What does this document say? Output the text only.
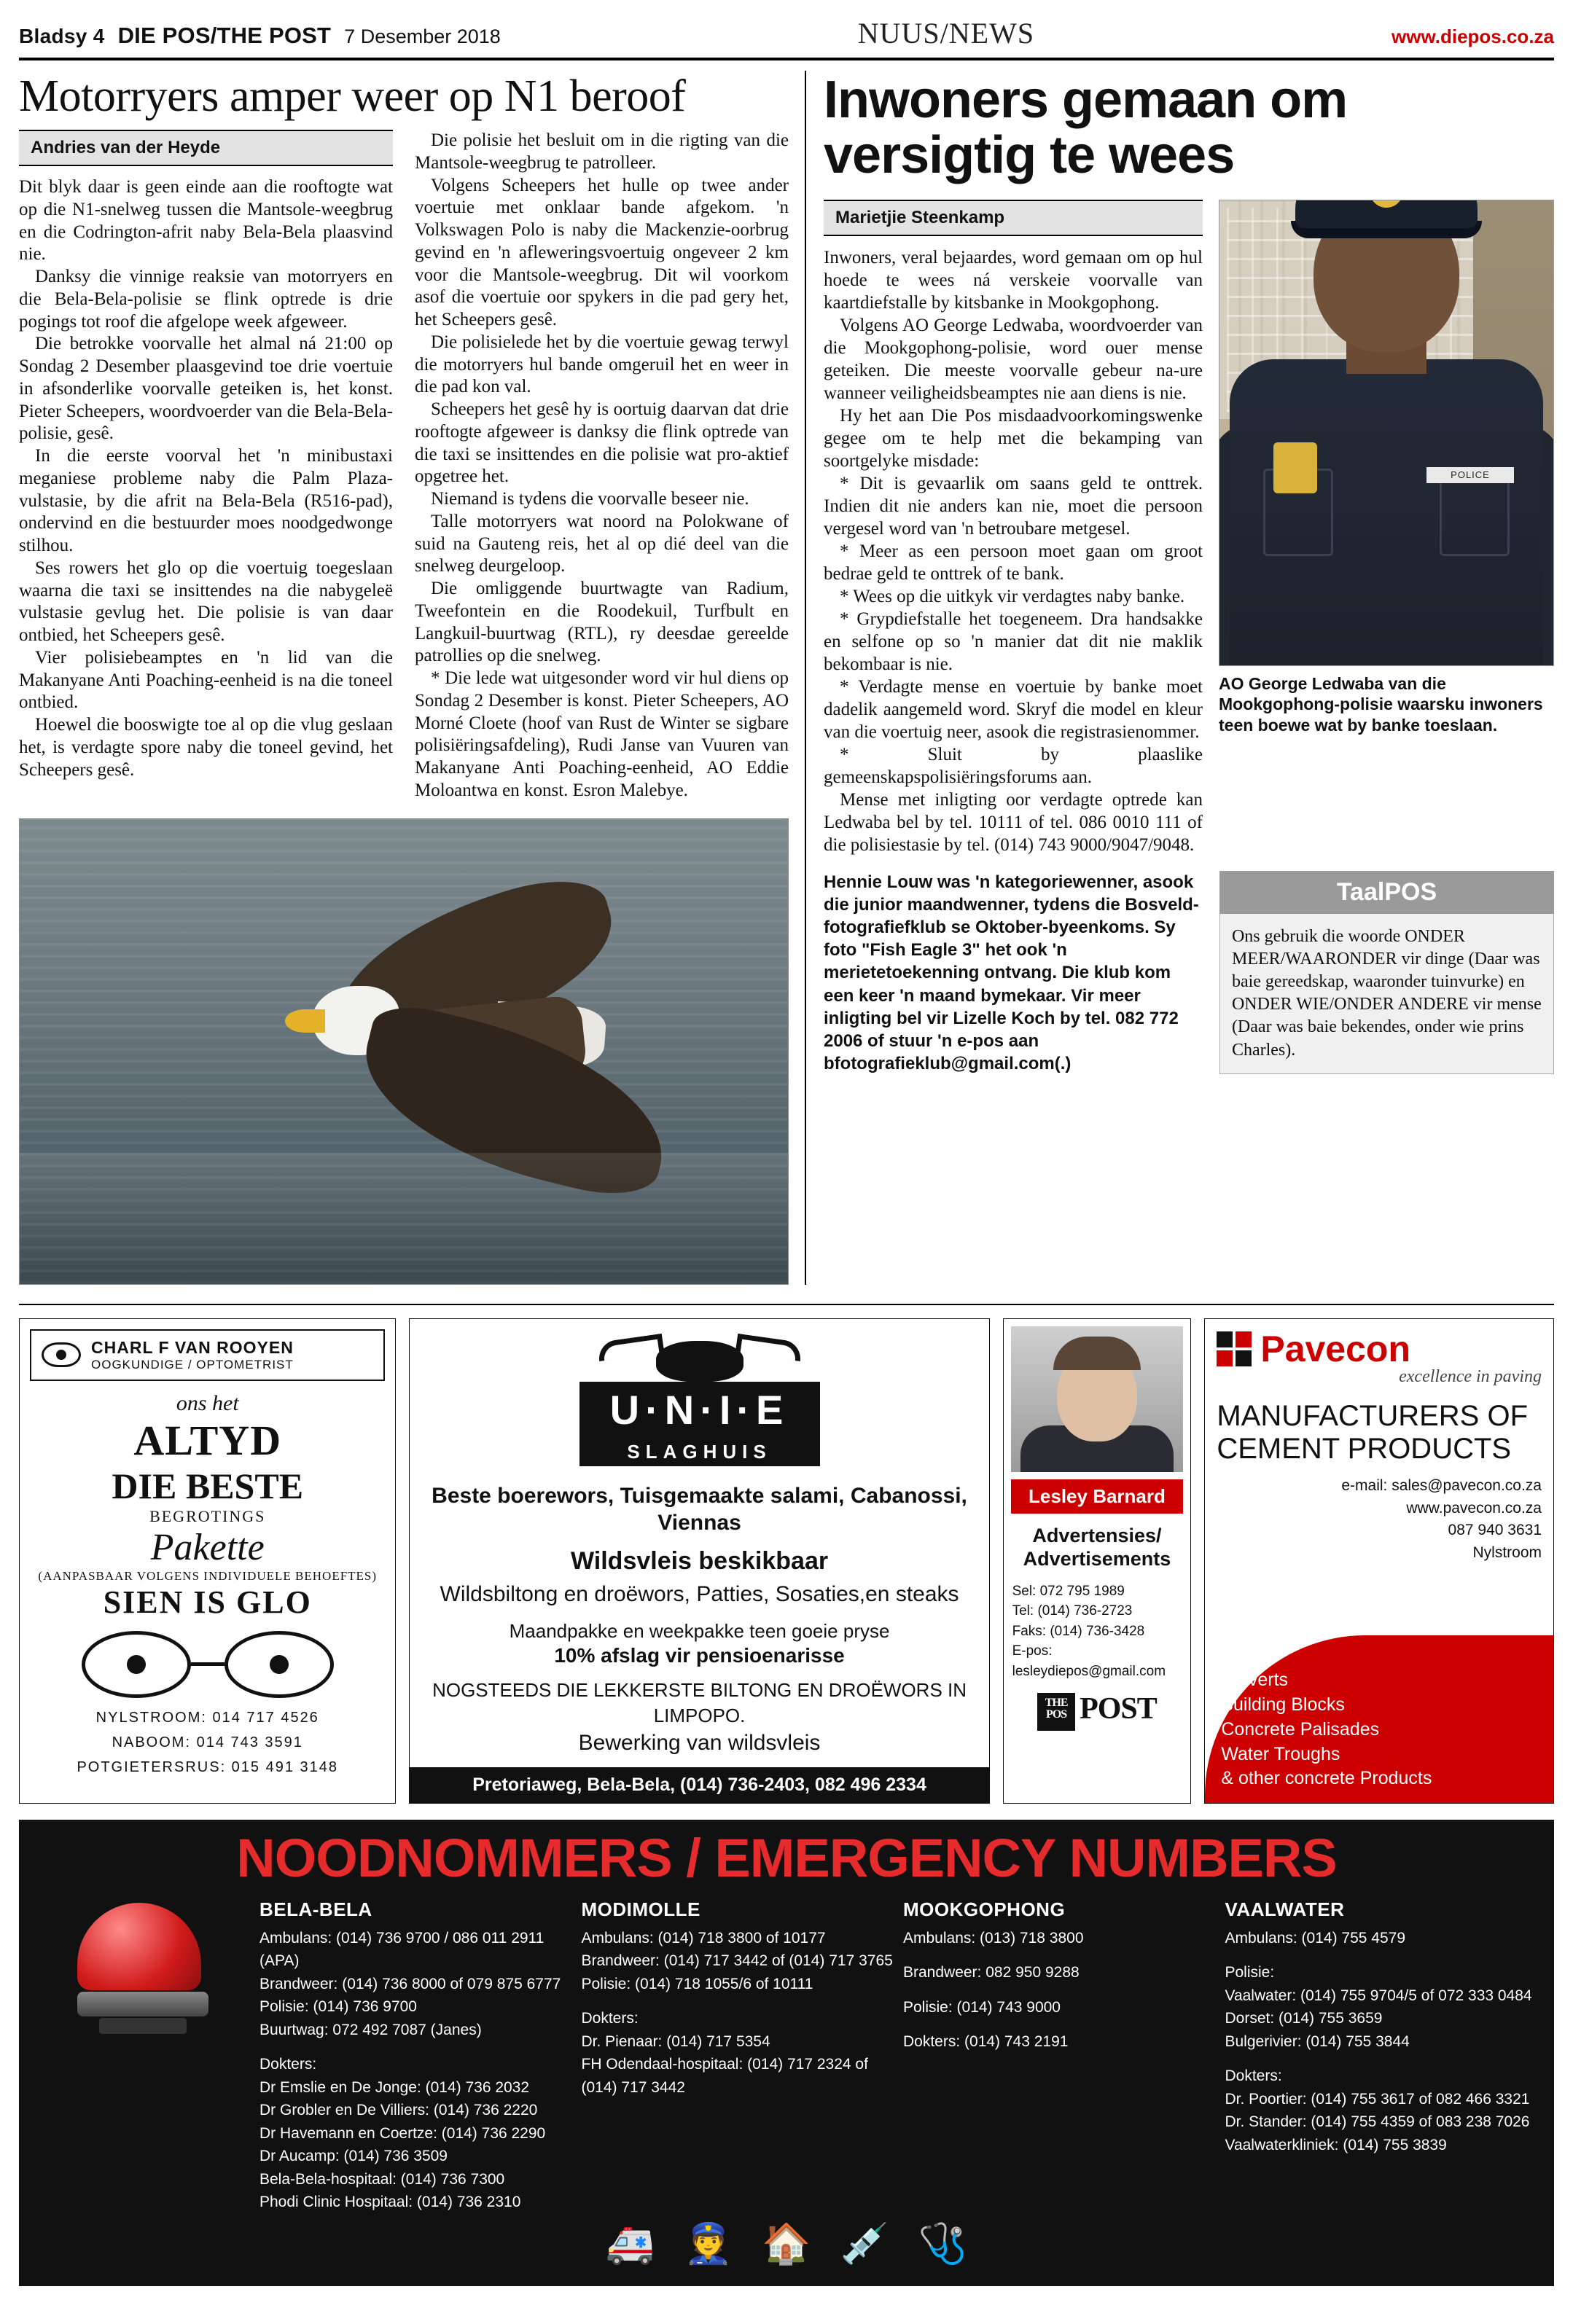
Bladsy 4 DIE POS/THE POST 7 Desember 2018	NUUS/NEWS	www.diepos.co.za
Motorryers amper weer op N1 beroof
Andries van der Heyde

Dit blyk daar is geen einde aan die rooftogte wat op die N1-snelweg tussen die Mantsole-weegbrug en die Codrington-afrit naby Bela-Bela plaasvind nie.

Danksy die vinnige reaksie van motorryers en die Bela-Bela-polisie se flink optrede is drie pogings tot roof die afgelope week afgeweer.

Die betrokke voorvalle het almal ná 21:00 op Sondag 2 Desember plaasgevind toe drie voertuie in afsonderlike voorvalle geteiken is, het konst. Pieter Scheepers, woordvoerder van die Bela-Bela-polisie, gesê.

In die eerste voorval het 'n minibustaxi meganiese probleme naby die Palm Plaza-vulstasie, by die afrit na Bela-Bela (R516-pad), ondervind en die bestuurder moes noodgedwonge stilhou.

Ses rowers het glo op die voertuig toegeslaan waarna die taxi se insittendes na die nabygeleë vulstasie gevlug het. Die polisie is van daar ontbied, het Scheepers gesê.

Vier polisiebeamptes en 'n lid van die Makanyane Anti Poaching-eenheid is na die toneel ontbied.

Hoewel die booswigte toe al op die vlug geslaan het, is verdagte spore naby die toneel gevind, het Scheepers gesê.

Die polisie het besluit om in die rigting van die Mantsole-weegbrug te patrolleer.

Volgens Scheepers het hulle op twee ander voertuie met onklaar bande afgekom. 'n Volkswagen Polo is naby die Mackenzie-oorbrug gevind en 'n afleweringsvoertuig ongeveer 2 km voor die Mantsole-weegbrug. Dit wil voorkom asof die voertuie oor spykers in die pad gery het, het Scheepers gesê.

Die polisielede het by die voertuie gewag terwyl die motorryers hul bande omgeruil het en weer in die pad kon val.

Scheepers het gesê hy is oortuig daarvan dat drie rooftogte afgeweer is danksy die flink optrede van die taxi se insittendes en die polisie wat pro-aktief opgetree het.

Niemand is tydens die voorvalle beseer nie.

Talle motorryers wat noord na Polokwane of suid na Gauteng reis, het al op dié deel van die snelweg deurgeloop.

Die omliggende buurtwagte van Radium, Tweefontein en die Roodekuil, Turfbult en Langkuil-buurtwag (RTL), ry deesdae gereelde patrollies op die snelweg.

* Die lede wat uitgesonder word vir hul diens op Sondag 2 Desember is konst. Pieter Scheepers, AO Morné Cloete (hoof van Rust de Winter se sigbare polisiëringsafdeling), Rudi Janse van Vuuren van Makanyane Anti Poaching-eenheid, AO Eddie Moloantwa en konst. Esron Malebye.

Inwoners gemaan om versigtig te wees
Marietjie Steenkamp

Inwoners, veral bejaardes, word gemaan om op hul hoede te wees ná verskeie voorvalle van kaartdiefstalle by kitsbanke in Mookgophong.

Volgens AO George Ledwaba, woordvoerder van die Mookgophong-polisie, word ouer mense geteiken. Die meeste voorvalle gebeur na-ure wanneer veiligheidsbeamptes nie aan diens is nie.

Hy het aan Die Pos misdaadvoorkomingswenke gegee om te help met die bekamping van soortgelyke misdade:

* Dit is gevaarlik om saans geld te onttrek. Indien dit nie anders kan nie, moet die persoon vergesel word van 'n betroubare metgesel.

* Meer as een persoon moet gaan om groot bedrae geld te onttrek of te bank.

* Wees op die uitkyk vir verdagtes naby banke.

* Grypdiefstalle het toegeneem. Dra handsakke en selfone op so 'n manier dat dit nie maklik bekombaar is nie.

* Verdagte mense en voertuie by banke moet dadelik aangemeld word. Skryf die model en kleur van die voertuig neer, asook die registrasienommer.

* Sluit by plaaslike gemeenskapspolisiëringsforums aan.

Mense met inligting oor verdagte optrede kan Ledwaba bel by tel. 10111 of tel. 086 0010 111 of die polisiestasie by tel. (014) 743 9000/9047/9048.

POLICE
AO George Ledwaba van die Mookgophong-polisie waarsku inwoners teen boewe wat by banke toeslaan.
Hennie Louw was 'n kategoriewenner, asook die junior maandwenner, tydens die Bosveld-fotografiefklub se Oktober-byeenkoms. Sy foto "Fish Eagle 3" het ook 'n merietetoekenning ontvang. Die klub kom een keer 'n maand bymekaar. Vir meer inligting bel vir Lizelle Koch by tel. 082 772 2006 of stuur 'n e-pos aan bfotografieklub@gmail.com(.)
TaalPOS
Ons gebruik die woorde ONDER MEER/WAARONDER vir dinge (Daar was baie gereedskap, waaronder tuinvurke) en ONDER WIE/ONDER ANDERE vir mense (Daar was baie bekendes, onder wie prins Charles).
CHARL F VAN ROOYEN
OOGKUNDIGE / OPTOMETRIST
ons het
ALTYD
DIE BESTE
BEGROTINGS
Pakette
(AANPASBAAR VOLGENS INDIVIDUELE BEHOEFTES)
SIEN IS GLO
NYLSTROOM: 014 717 4526
NABOOM: 014 743 3591
POTGIETERSRUS: 015 491 3148
U·N·I·E
SLAGHUIS
Beste boerewors, Tuisgemaakte salami, Cabanossi, Viennas
Wildsvleis beskikbaar
Wildsbiltong en droëwors, Patties, Sosaties,en steaks
Maandpakke en weekpakke teen goeie pryse
10% afslag vir pensioenarisse
NOGSTEEDS DIE LEKKERSTE BILTONG EN DROËWORS IN LIMPOPO.
Bewerking van wildsvleis
Pretoriaweg, Bela-Bela, (014) 736-2403, 082 496 2334
Lesley Barnard
Advertensies/ Advertisements
Sel: 072 795 1989
Tel: (014) 736-2723
Faks: (014) 736-3428
E-pos:
lesleydiepos@gmail.com
THE POS POST
Pavecon
excellence in paving
MANUFACTURERS OF CEMENT PRODUCTS
e-mail: sales@pavecon.co.za
www.pavecon.co.za
087 940 3631
Nylstroom
Paving
Bricks
Kerbs
Culverts
Building Blocks
Concrete Palisades
Water Troughs
& other concrete Products
NOODNOMMERS / EMERGENCY NUMBERS
BELA-BELA
Ambulans: (014) 736 9700 / 086 011 2911 (APA)
Brandweer: (014) 736 8000 of 079 875 6777
Polisie: (014) 736 9700
Buurtwag: 072 492 7087 (Janes)
Dokters:
Dr Emslie en De Jonge: (014) 736 2032
Dr Grobler en De Villiers: (014) 736 2220
Dr Havemann en Coertze: (014) 736 2290
Dr Aucamp: (014) 736 3509
Bela-Bela-hospitaal: (014) 736 7300
Phodi Clinic Hospitaal: (014) 736 2310
MODIMOLLE
Ambulans: (014) 718 3800 of 10177
Brandweer: (014) 717 3442 of (014) 717 3765
Polisie: (014) 718 1055/6 of 10111
Dokters:
Dr. Pienaar: (014) 717 5354
FH Odendaal-hospitaal: (014) 717 2324 of (014) 717 3442
MOOKGOPHONG
Ambulans: (013) 718 3800
Brandweer: 082 950 9288
Polisie: (014) 743 9000
Dokters: (014) 743 2191
VAALWATER
Ambulans: (014) 755 4579
Polisie:
Vaalwater: (014) 755 9704/5 of 072 333 0484
Dorset: (014) 755 3659
Bulgerivier: (014) 755 3844
Dokters:
Dr. Poortier: (014) 755 3617 of 082 466 3321
Dr. Stander: (014) 755 4359 of 083 238 7026
Vaalwaterkliniek: (014) 755 3839
🚑 👮 🏠 💉 🩺
